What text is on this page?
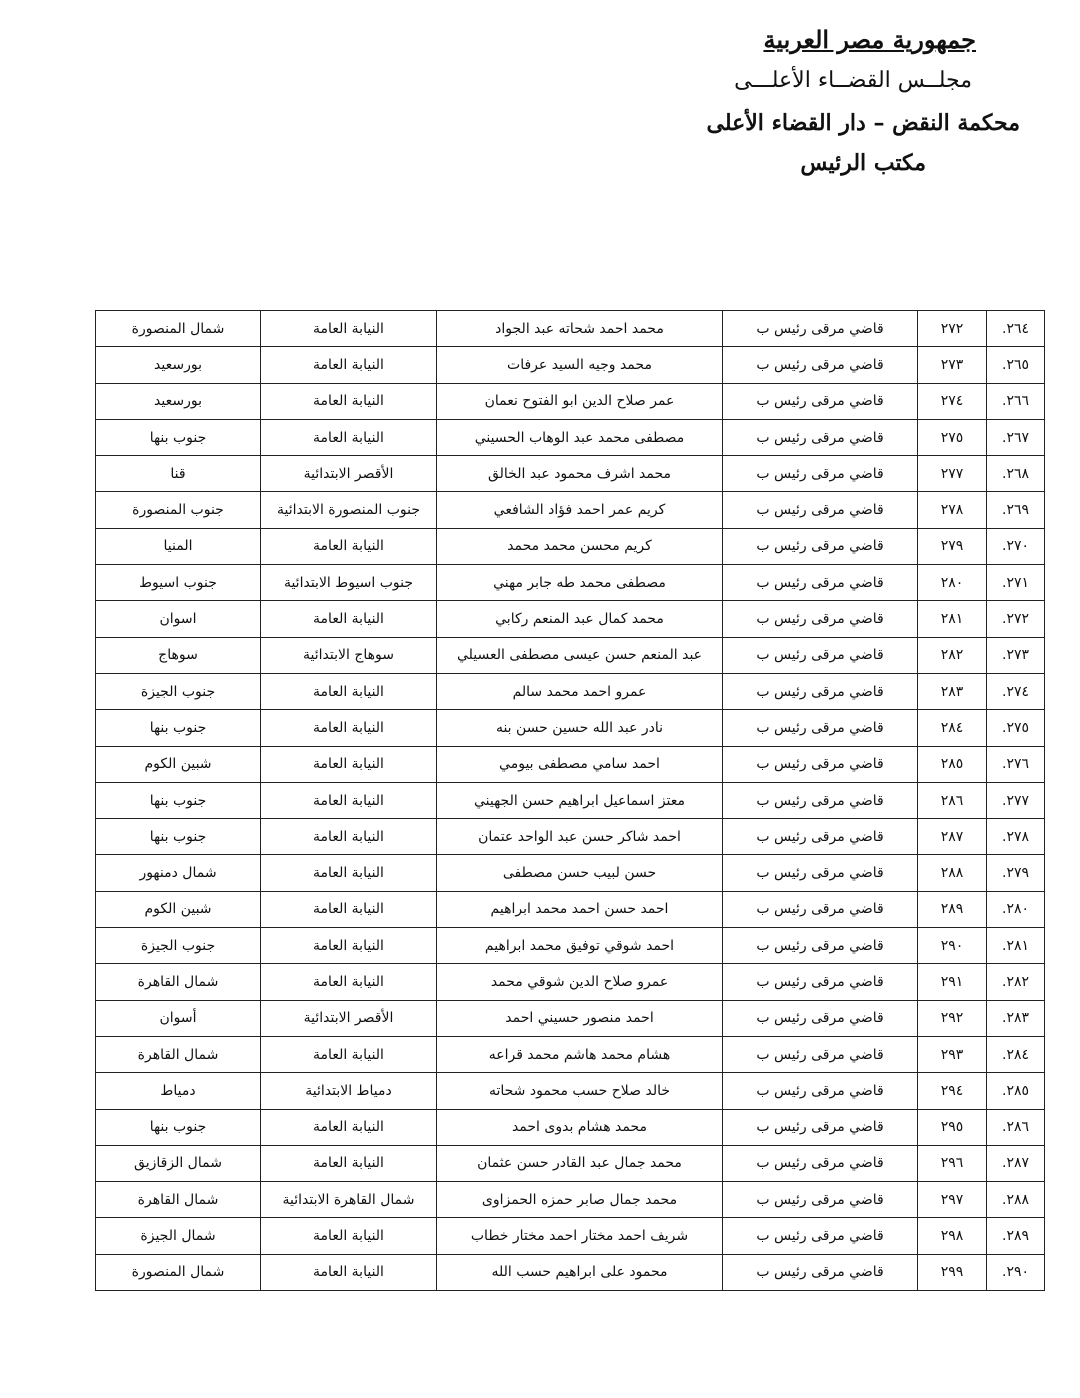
جمهورية مصر العربية
مجلــس القضــاء الأعلـــى
محكمة النقض – دار القضاء الأعلى
مكتب الرئيس
٢٦٤.	٢٧٢	قاضي مرقى رئيس ب	محمد احمد شحاته عبد الجواد	النيابة العامة	شمال المنصورة
٢٦٥.	٢٧٣	قاضي مرقى رئيس ب	محمد وجيه السيد عرفات	النيابة العامة	بورسعيد
٢٦٦.	٢٧٤	قاضي مرقى رئيس ب	عمر صلاح الدين ابو الفتوح نعمان	النيابة العامة	بورسعيد
٢٦٧.	٢٧٥	قاضي مرقى رئيس ب	مصطفى محمد عبد الوهاب الحسيني	النيابة العامة	جنوب بنها
٢٦٨.	٢٧٧	قاضي مرقى رئيس ب	محمد اشرف محمود عبد الخالق	الأقصر الابتدائية	قنا
٢٦٩.	٢٧٨	قاضي مرقى رئيس ب	كريم عمر احمد فؤاد الشافعي	جنوب المنصورة الابتدائية	جنوب المنصورة
٢٧٠.	٢٧٩	قاضي مرقى رئيس ب	كريم محسن محمد محمد	النيابة العامة	المنيا
٢٧١.	٢٨٠	قاضي مرقى رئيس ب	مصطفى محمد طه جابر مهني	جنوب اسيوط الابتدائية	جنوب اسيوط
٢٧٢.	٢٨١	قاضي مرقى رئيس ب	محمد كمال عبد المنعم ركابي	النيابة العامة	اسوان
٢٧٣.	٢٨٢	قاضي مرقى رئيس ب	عبد المنعم حسن عيسى مصطفى العسيلي	سوهاج الابتدائية	سوهاج
٢٧٤.	٢٨٣	قاضي مرقى رئيس ب	عمرو احمد محمد سالم	النيابة العامة	جنوب الجيزة
٢٧٥.	٢٨٤	قاضي مرقى رئيس ب	نادر عبد الله حسين حسن بنه	النيابة العامة	جنوب بنها
٢٧٦.	٢٨٥	قاضي مرقى رئيس ب	احمد سامي مصطفى بيومي	النيابة العامة	شبين الكوم
٢٧٧.	٢٨٦	قاضي مرقى رئيس ب	معتز اسماعيل ابراهيم حسن الجهيني	النيابة العامة	جنوب بنها
٢٧٨.	٢٨٧	قاضي مرقى رئيس ب	احمد شاكر حسن عبد الواحد عتمان	النيابة العامة	جنوب بنها
٢٧٩.	٢٨٨	قاضي مرقى رئيس ب	حسن لبيب حسن مصطفى	النيابة العامة	شمال دمنهور
٢٨٠.	٢٨٩	قاضي مرقى رئيس ب	احمد حسن احمد محمد ابراهيم	النيابة العامة	شبين الكوم
٢٨١.	٢٩٠	قاضي مرقى رئيس ب	احمد شوقي توفيق محمد ابراهيم	النيابة العامة	جنوب الجيزة
٢٨٢.	٢٩١	قاضي مرقى رئيس ب	عمرو صلاح الدين شوقي محمد	النيابة العامة	شمال القاهرة
٢٨٣.	٢٩٢	قاضي مرقى رئيس ب	احمد منصور حسيني احمد	الأقصر الابتدائية	أسوان
٢٨٤.	٢٩٣	قاضي مرقى رئيس ب	هشام محمد هاشم محمد قراعه	النيابة العامة	شمال القاهرة
٢٨٥.	٢٩٤	قاضي مرقى رئيس ب	خالد صلاح حسب محمود شحاته	دمياط الابتدائية	دمياط
٢٨٦.	٢٩٥	قاضي مرقى رئيس ب	محمد هشام بدوى احمد	النيابة العامة	جنوب بنها
٢٨٧.	٢٩٦	قاضي مرقى رئيس ب	محمد جمال عبد القادر حسن عثمان	النيابة العامة	شمال الزقازيق
٢٨٨.	٢٩٧	قاضي مرقى رئيس ب	محمد جمال صابر حمزه الحمزاوى	شمال القاهرة الابتدائية	شمال القاهرة
٢٨٩.	٢٩٨	قاضي مرقى رئيس ب	شريف احمد مختار احمد مختار خطاب	النيابة العامة	شمال الجيزة
٢٩٠.	٢٩٩	قاضي مرقى رئيس ب	محمود على ابراهيم حسب الله	النيابة العامة	شمال المنصورة
